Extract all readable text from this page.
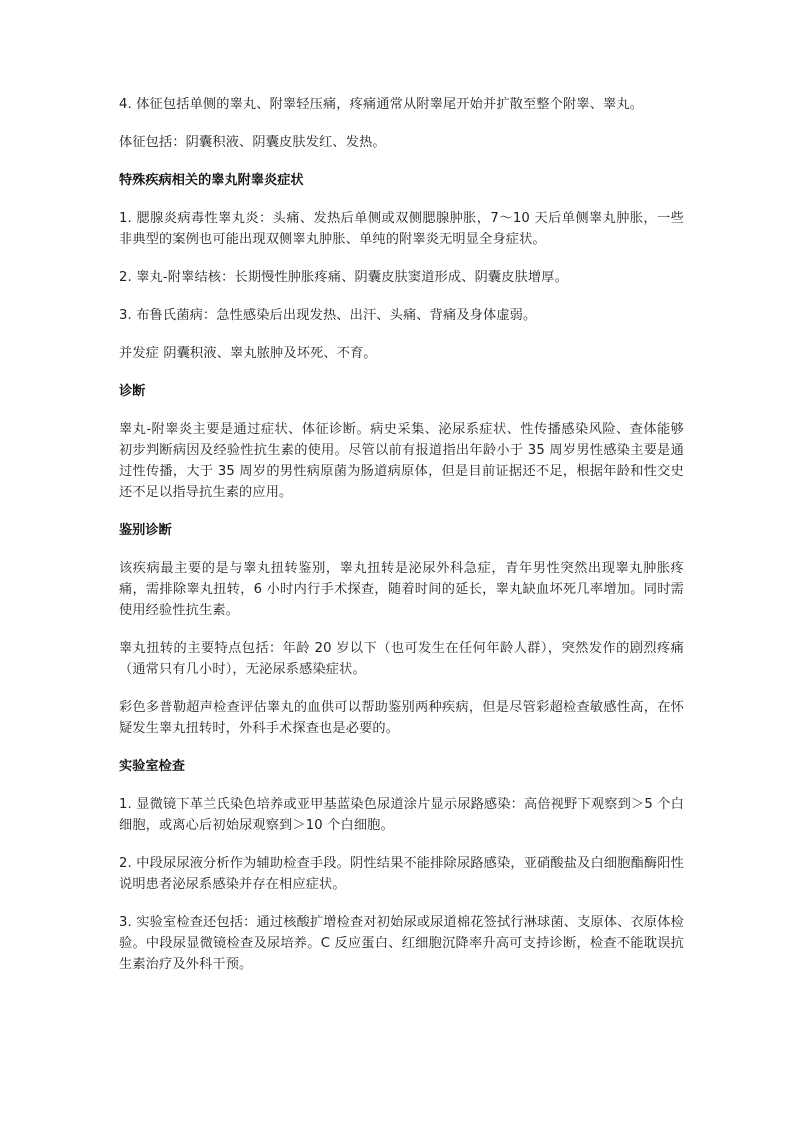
4. 体征包括单侧的睾丸、附睾轻压痛，疼痛通常从附睾尾开始并扩散至整个附睾、睾丸。

体征包括：阴囊积液、阴囊皮肤发红、发热。

特殊疾病相关的睾丸附睾炎症状

1. 腮腺炎病毒性睾丸炎：头痛、发热后单侧或双侧腮腺肿胀，7～10 天后单侧睾丸肿胀，一些非典型的案例也可能出现双侧睾丸肿胀、单纯的附睾炎无明显全身症状。

2. 睾丸-附睾结核：长期慢性肿胀疼痛、阴囊皮肤窦道形成、阴囊皮肤增厚。

3. 布鲁氏菌病：急性感染后出现发热、出汗、头痛、背痛及身体虚弱。

并发症 阴囊积液、睾丸脓肿及坏死、不育。

诊断

睾丸-附睾炎主要是通过症状、体征诊断。病史采集、泌尿系症状、性传播感染风险、查体能够初步判断病因及经验性抗生素的使用。尽管以前有报道指出年龄小于 35 周岁男性感染主要是通过性传播，大于 35 周岁的男性病原菌为肠道病原体，但是目前证据还不足，根据年龄和性交史还不足以指导抗生素的应用。

鉴别诊断

该疾病最主要的是与睾丸扭转鉴别，睾丸扭转是泌尿外科急症，青年男性突然出现睾丸肿胀疼痛，需排除睾丸扭转，6 小时内行手术探查，随着时间的延长，睾丸缺血坏死几率增加。同时需使用经验性抗生素。

睾丸扭转的主要特点包括：年龄 20 岁以下（也可发生在任何年龄人群），突然发作的剧烈疼痛（通常只有几小时），无泌尿系感染症状。

彩色多普勒超声检查评估睾丸的血供可以帮助鉴别两种疾病，但是尽管彩超检查敏感性高，在怀疑发生睾丸扭转时，外科手术探查也是必要的。

实验室检查

1. 显微镜下革兰氏染色培养或亚甲基蓝染色尿道涂片显示尿路感染：高倍视野下观察到＞5 个白细胞，或离心后初始尿观察到＞10 个白细胞。

2. 中段尿尿液分析作为辅助检查手段。阴性结果不能排除尿路感染，亚硝酸盐及白细胞酯酶阳性说明患者泌尿系感染并存在相应症状。

3. 实验室检查还包括：通过核酸扩增检查对初始尿或尿道棉花签拭行淋球菌、支原体、衣原体检验。中段尿显微镜检查及尿培养。C 反应蛋白、红细胞沉降率升高可支持诊断，检查不能耽误抗生素治疗及外科干预。
